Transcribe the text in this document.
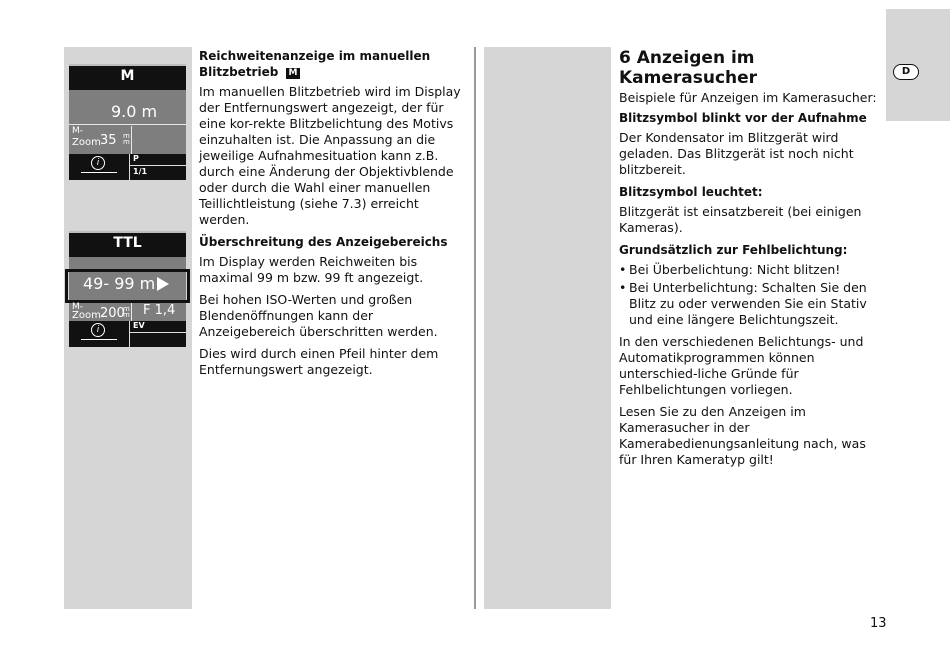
M
9.0 m
M-
Zoom 35 mm
i	P
1/1
TTL
49- 99 m
M-
Zoom 200
mm F 1,4
i	EV
Reichweitenanzeige im manuellen
Blitzbetrieb M

Im manuellen Blitzbetrieb wird im Display der Entfernungswert angezeigt, der für eine kor-rekte Blitzbelichtung des Motivs einzuhalten ist. Die Anpassung an die jeweilige Aufnahmesituation kann z.B. durch eine Änderung der Objektivblende oder durch die Wahl einer manuellen Teillichtleistung (siehe 7.3) erreicht werden.

Überschreitung des Anzeigebereichs

Im Display werden Reichweiten bis maximal 99 m bzw. 99 ft angezeigt.

Bei hohen ISO-Werten und großen Blendenöffnungen kann der Anzeigebereich überschritten werden.

Dies wird durch einen Pfeil hinter dem Entfernungswert angezeigt.

6 Anzeigen im Kamerasucher

Beispiele für Anzeigen im Kamerasucher:

Blitzsymbol blinkt vor der Aufnahme

Der Kondensator im Blitzgerät wird geladen. Das Blitzgerät ist noch nicht blitzbereit.

Blitzsymbol leuchtet:

Blitzgerät ist einsatzbereit (bei einigen Kameras).

Grundsätzlich zur Fehlbelichtung:
• Bei Überbelichtung: Nicht blitzen!
• Bei Unterbelichtung: Schalten Sie den Blitz zu oder verwenden Sie ein Stativ und eine längere Belichtungszeit.

In den verschiedenen Belichtungs- und Automatikprogrammen können unterschied-liche Gründe für Fehlbelichtungen vorliegen.

Lesen Sie zu den Anzeigen im Kamerasucher in der Kamerabedienungsanleitung nach, was für Ihren Kameratyp gilt!

D
13
